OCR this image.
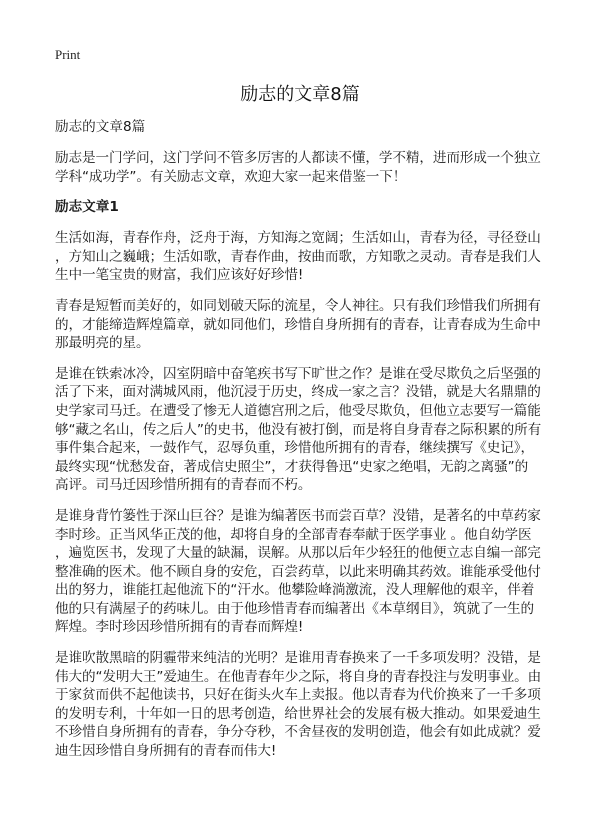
Print
励志的文章8篇
励志的文章8篇
励志是一门学问，这门学问不管多厉害的人都读不懂，学不精，进而形成一个独立
学科“成功学”。有关励志文章，欢迎大家一起来借鉴一下！
励志文章1
生活如海，青春作舟，泛舟于海，方知海之宽阔；生活如山，青春为径，寻径登山
，方知山之巍峨；生活如歌，青春作曲，按曲而歌，方知歌之灵动。青春是我们人
生中一笔宝贵的财富，我们应该好好珍惜!
青春是短暂而美好的，如同划破天际的流星，令人神往。只有我们珍惜我们所拥有
的，才能缔造辉煌篇章，就如同他们，珍惜自身所拥有的青春，让青春成为生命中
那最明亮的星。
是谁在铁索冰冷，囚室阴暗中奋笔疾书写下旷世之作？是谁在受尽欺负之后坚强的
活了下来，面对满城风雨，他沉浸于历史，终成一家之言？没错，就是大名鼎鼎的
史学家司马迁。在遭受了惨无人道德宫刑之后，他受尽欺负，但他立志要写一篇能
够“藏之名山，传之后人”的史书，他没有被打倒，而是将自身青春之际积累的所有
事件集合起来，一鼓作气，忍辱负重，珍惜他所拥有的青春，继续撰写《史记》，
最终实现“忧愁发奋，著成信史照尘”，才获得鲁迅“史家之绝唱，无韵之离骚”的
高评。司马迁因珍惜所拥有的青春而不朽。
是谁身背竹篓性于深山巨谷？是谁为编著医书而尝百草？没错，是著名的中草药家
李时珍。正当风华正茂的他，却将自身的全部青春奉献于医学事业 。他自幼学医
，遍览医书，发现了大量的缺漏，误解。从那以后年少轻狂的他便立志自编一部完
整准确的医术。他不顾自身的安危，百尝药草，以此来明确其药效。谁能承受他付
出的努力，谁能扛起他流下的“汗水。他攀险峰淌激流，没人理解他的艰辛，伴着
他的只有满屋子的药味儿。由于他珍惜青春而编著出《本草纲目》，筑就了一生的
辉煌。李时珍因珍惜所拥有的青春而辉煌!
是谁吹散黑暗的阴霾带来纯洁的光明？是谁用青春换来了一千多项发明？没错，是
伟大的“发明大王”爱迪生。在他青春年少之际，将自身的青春投注与发明事业。由
于家贫而供不起他读书，只好在街头火车上卖报。他以青春为代价换来了一千多项
的发明专利，十年如一日的思考创造，给世界社会的发展有极大推动。如果爱迪生
不珍惜自身所拥有的青春，争分夺秒，不舍昼夜的发明创造，他会有如此成就？爱
迪生因珍惜自身所拥有的青春而伟大!
